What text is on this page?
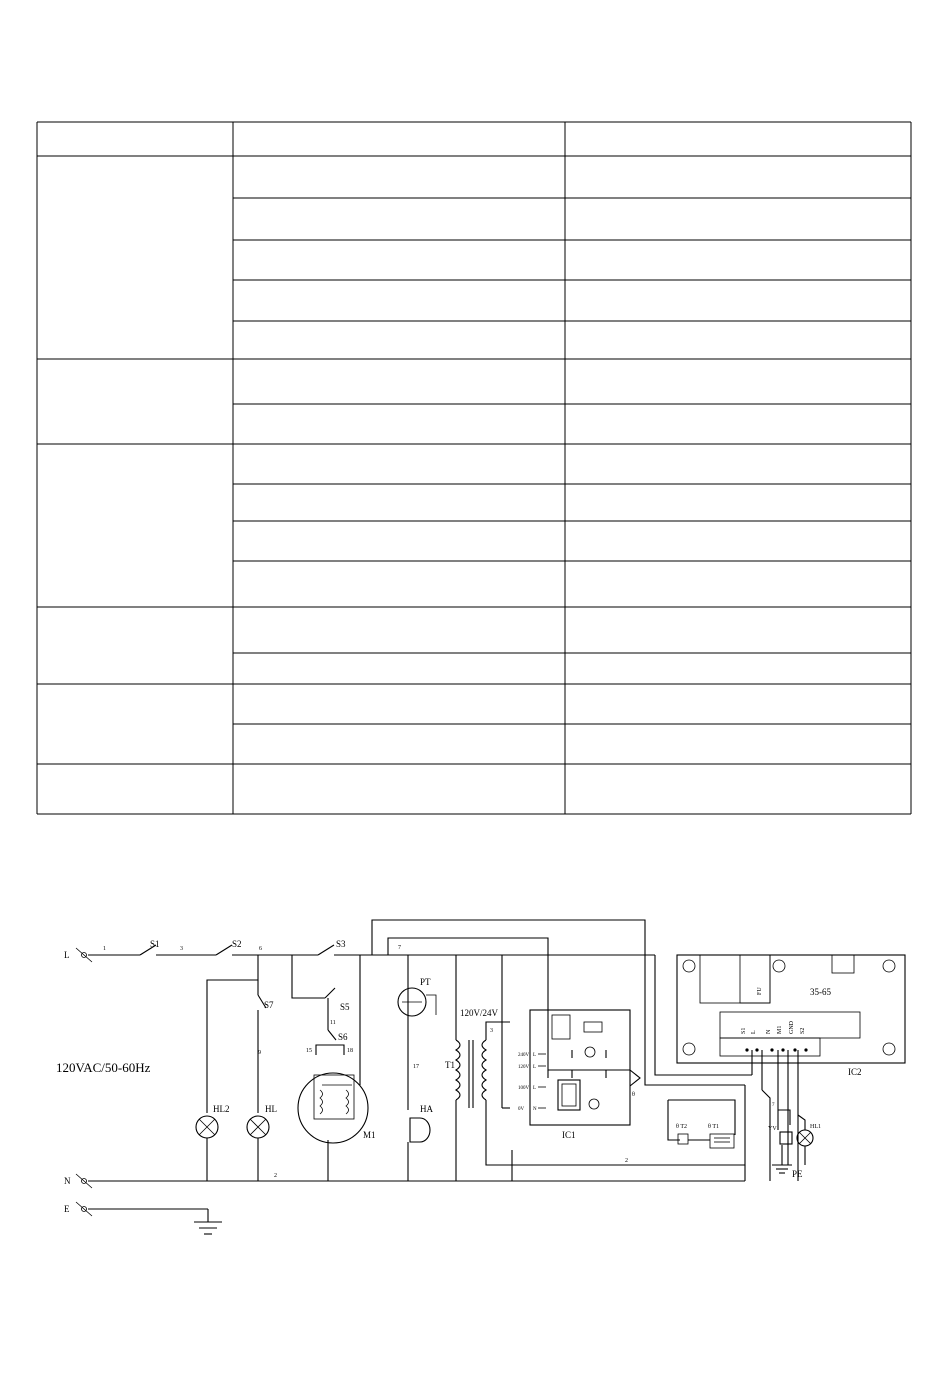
L
N
E
120VAC/50-60Hz
1	S1	3	S2	6	S3	7
HL2
S7
9
HL
S5
11
S6
15	18
M1
PT
17
HA
T1
120V/24V
3
IC1
240V L
120V L
100V L
0V N
θ
FU	35-65
S1 L N M1 GND S2
IC2
θ T2	θ T1
2
YV	HL1
7
PE
2
